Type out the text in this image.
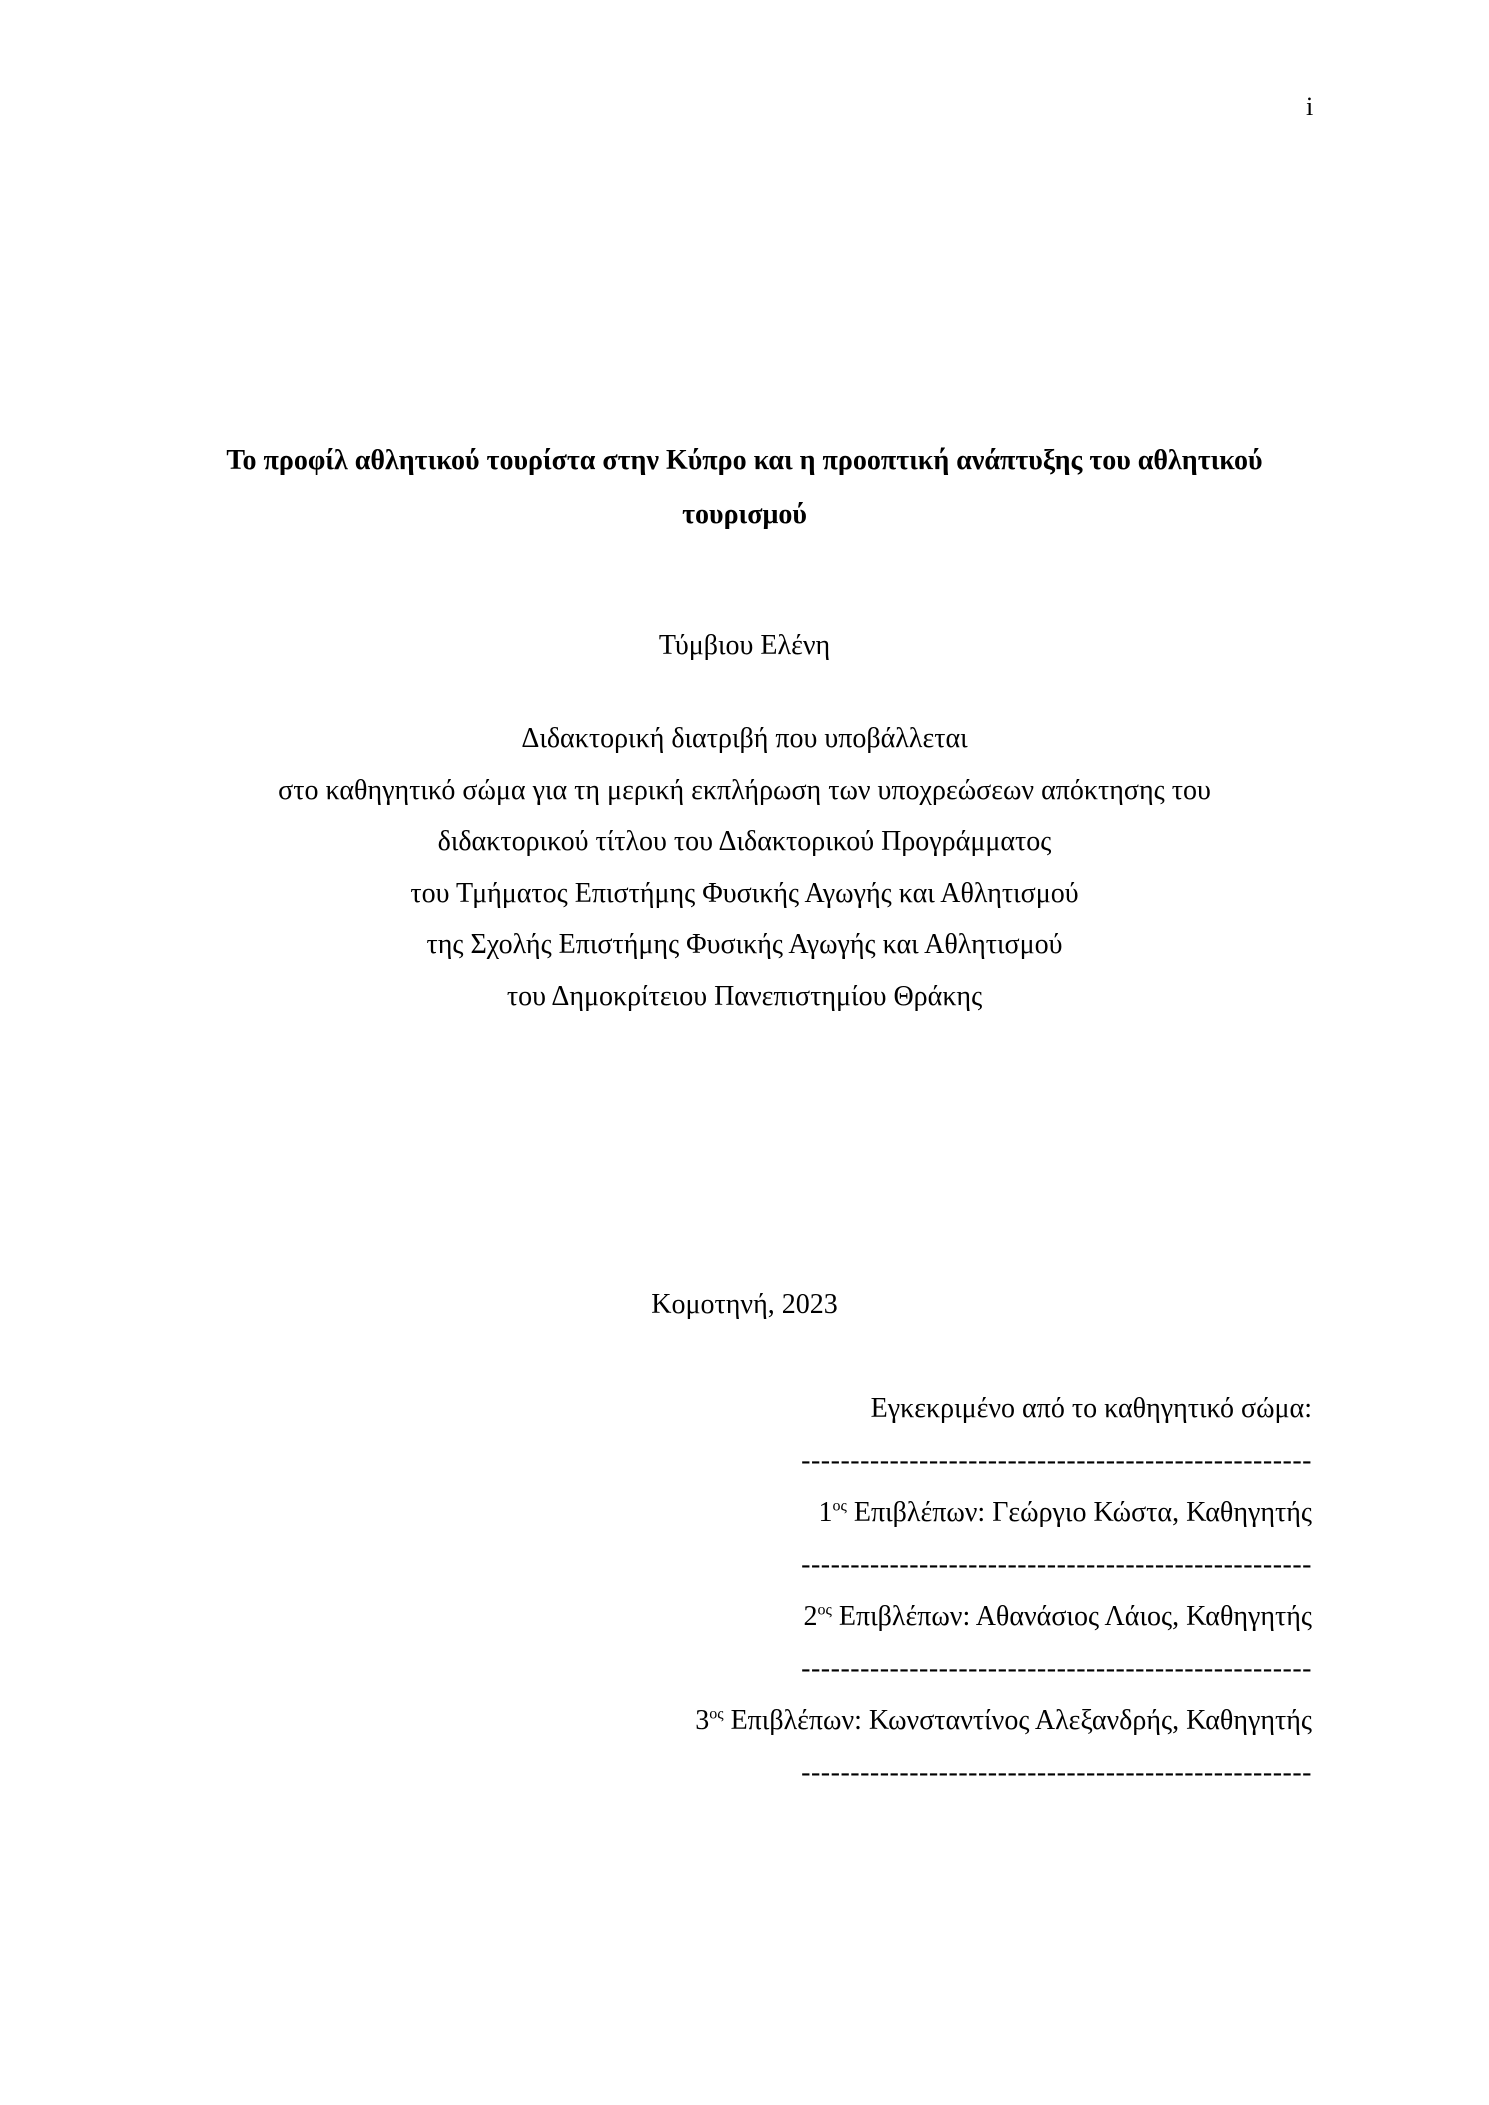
i
Το προφίλ αθλητικού τουρίστα στην Κύπρο και η προοπτική ανάπτυξης του αθλητικού
τουρισμού
Τύμβιου Ελένη
Διδακτορική διατριβή που υποβάλλεται
στο καθηγητικό σώμα για τη μερική εκπλήρωση των υποχρεώσεων απόκτησης του
διδακτορικού τίτλου του Διδακτορικού Προγράμματος
του Τμήματος Επιστήμης Φυσικής Αγωγής και Αθλητισμού
της Σχολής Επιστήμης Φυσικής Αγωγής και Αθλητισμού
του Δημοκρίτειου Πανεπιστημίου Θράκης
Κομοτηνή, 2023
Εγκεκριμένο από το καθηγητικό σώμα:
----------------------------------------------------
$1^{o\varsigma}$ Επιβλέπων: Γεώργιο Κώστα, Καθηγητής
----------------------------------------------------
$2^{o\varsigma}$ Επιβλέπων: Αθανάσιος Λάιος, Καθηγητής
----------------------------------------------------
$3^{o\varsigma}$ Επιβλέπων: Κωνσταντίνος Αλεξανδρής, Καθηγητής
----------------------------------------------------
